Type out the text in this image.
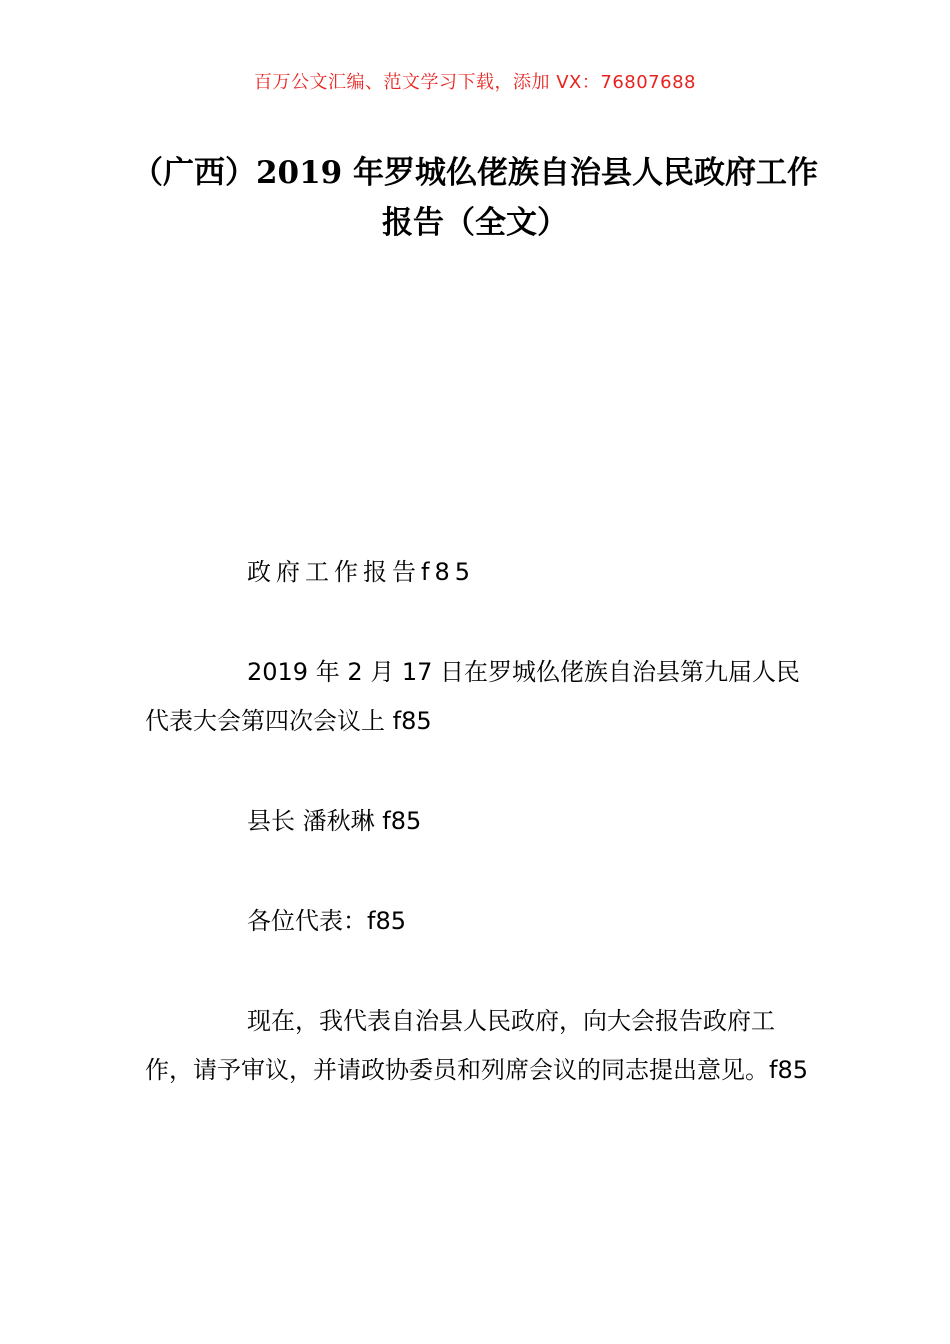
百万公文汇编、范文学习下载，添加 VX：76807688
（广西）2019 年罗城仫佬族自治县人民政府工作报告（全文）
政府工作报告f85
2019 年 2 月 17 日在罗城仫佬族自治县第九届人民代表大会第四次会议上 f85
县长 潘秋琳 f85
各位代表：f85
现在，我代表自治县人民政府，向大会报告政府工作，请予审议，并请政协委员和列席会议的同志提出意见。f85
